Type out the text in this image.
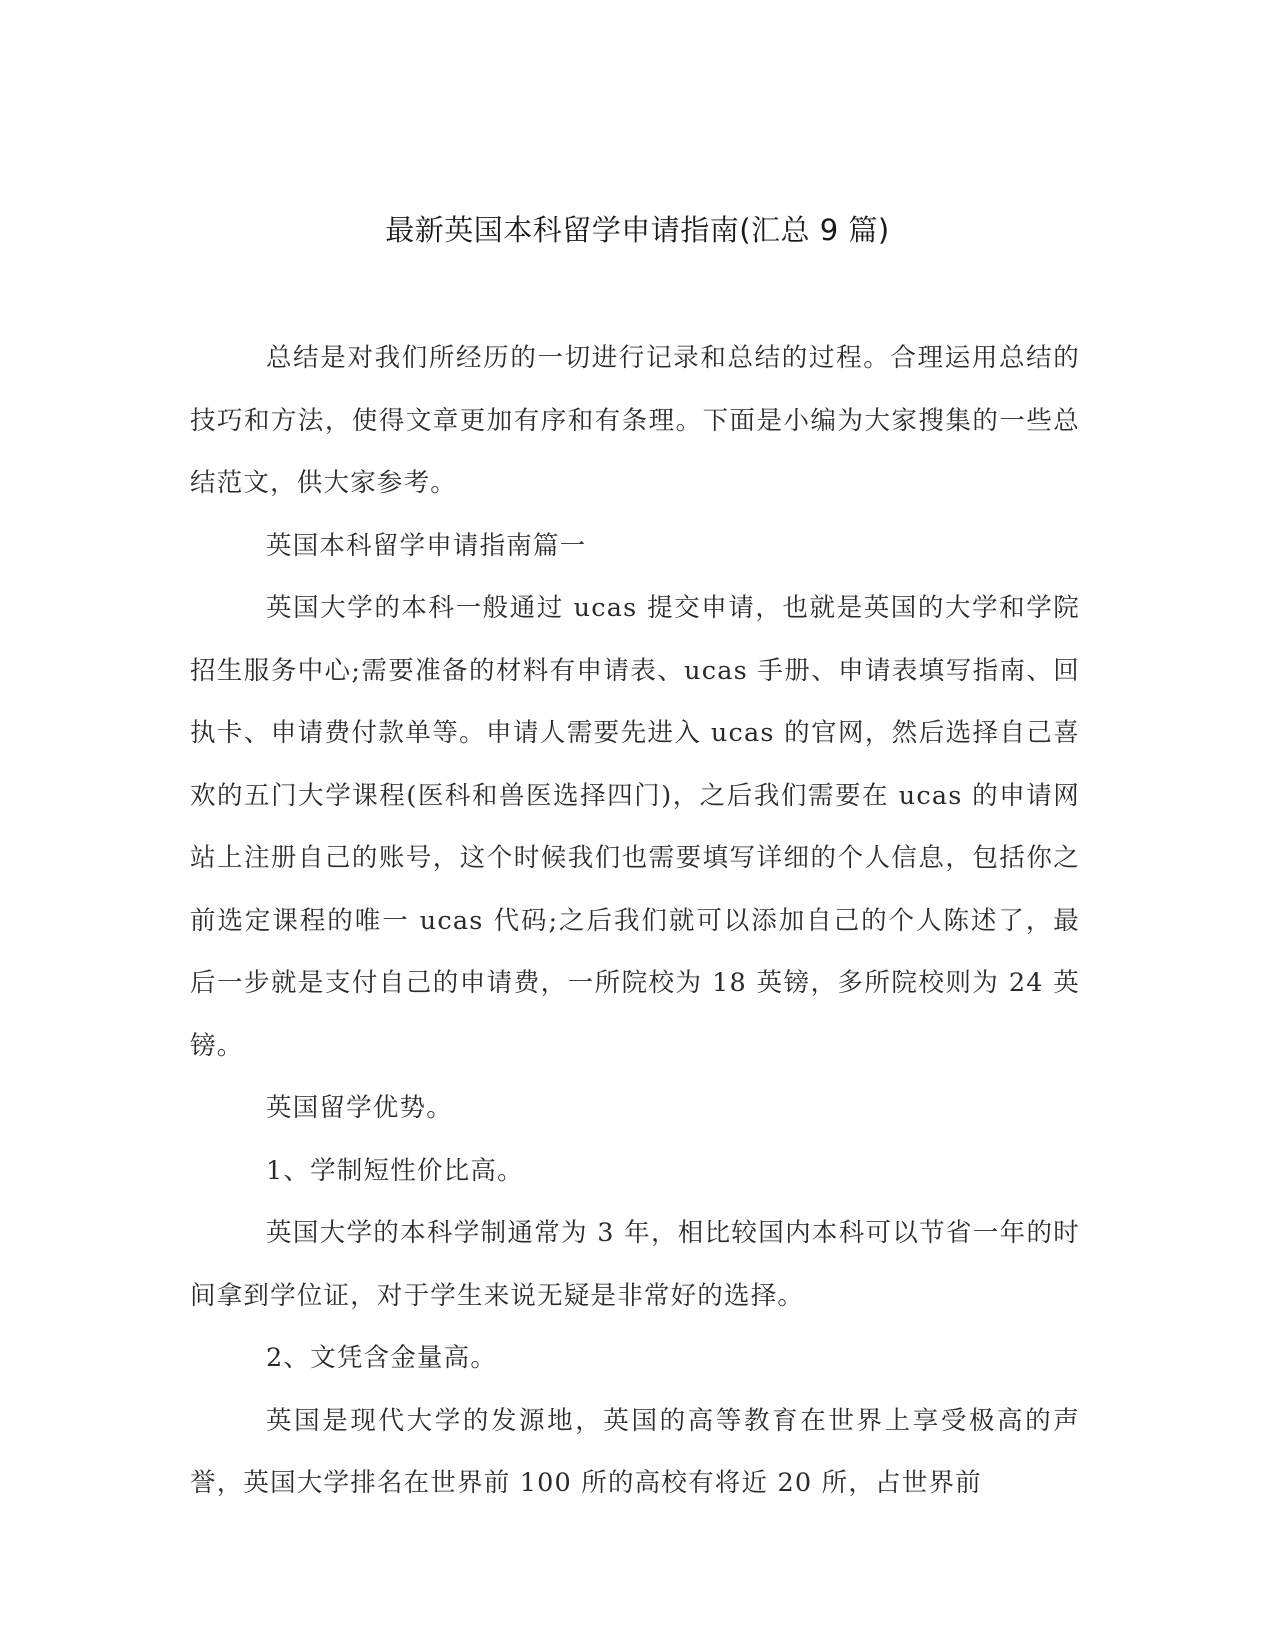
最新英国本科留学申请指南(汇总 9 篇)

总结是对我们所经历的一切进行记录和总结的过程。合理运用总结的技巧和方法，使得文章更加有序和有条理。下面是小编为大家搜集的一些总结范文，供大家参考。

英国本科留学申请指南篇一

英国大学的本科一般通过 ucas 提交申请，也就是英国的大学和学院招生服务中心;需要准备的材料有申请表、ucas 手册、申请表填写指南、回执卡、申请费付款单等。申请人需要先进入 ucas 的官网，然后选择自己喜欢的五门大学课程(医科和兽医选择四门)，之后我们需要在 ucas 的申请网站上注册自己的账号，这个时候我们也需要填写详细的个人信息，包括你之前选定课程的唯一 ucas 代码;之后我们就可以添加自己的个人陈述了，最后一步就是支付自己的申请费，一所院校为 18 英镑，多所院校则为 24 英镑。

英国留学优势。

1、学制短性价比高。

英国大学的本科学制通常为 3 年，相比较国内本科可以节省一年的时间拿到学位证，对于学生来说无疑是非常好的选择。

2、文凭含金量高。

英国是现代大学的发源地，英国的高等教育在世界上享受极高的声誉，英国大学排名在世界前 100 所的高校有将近 20 所，占世界前
